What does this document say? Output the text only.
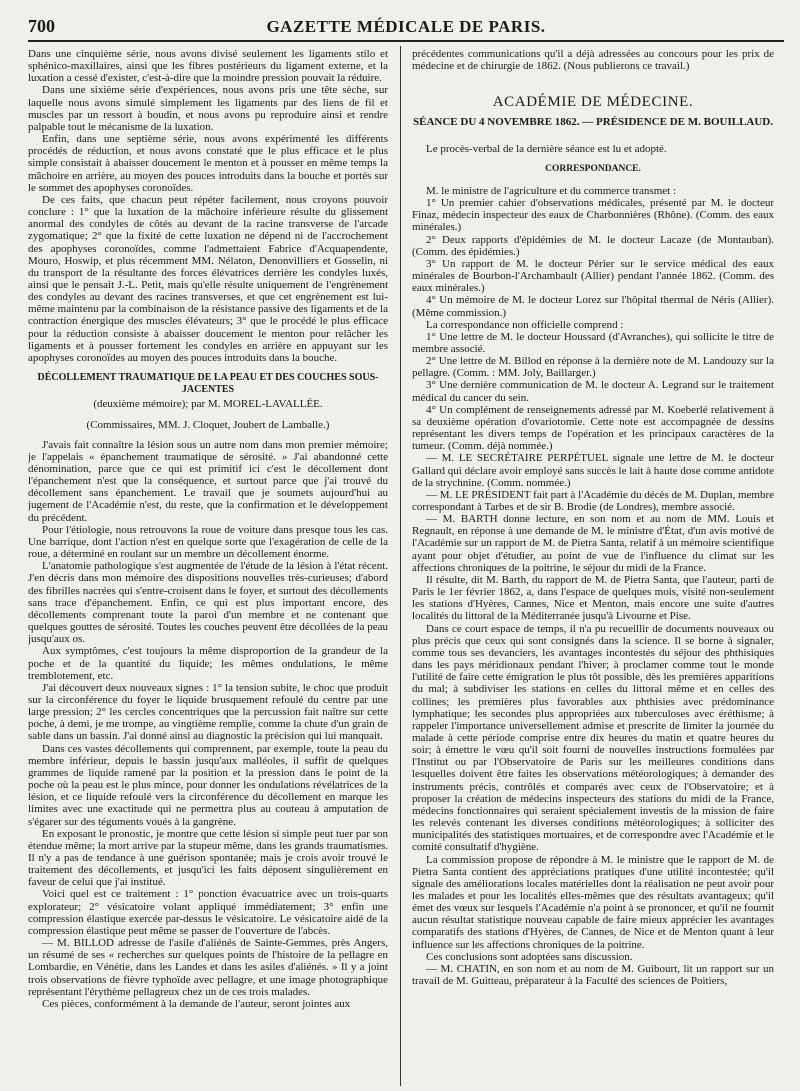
700	GAZETTE MÉDICALE DE PARIS.

Dans une cinquième série, nous avons divisé seulement les ligaments stilo et sphénico-maxillaires, ainsi que les fibres postérieurs du ligament externe, et la luxation a cessé d'exister, c'est-à-dire que la moindre pression pouvait la réduire.

Dans une sixième série d'expériences, nous avons pris une tête sèche, sur laquelle nous avons simulé simplement les ligaments par des liens de fil et muscles par un ressort à boudin, et nous avons pu reproduire ainsi et rendre palpable tout le mécanisme de la luxation.

Enfin, dans une septième série, nous avons expérimenté les différents procédés de réduction, et nous avons constaté que le plus efficace et le plus simple consistait à abaisser doucement le menton et à pousser en même temps la mâchoire en arrière, au moyen des pouces introduits dans la bouche et portés sur le sommet des apophyses coronoïdes.

De ces faits, que chacun peut répéter facilement, nous croyons pouvoir conclure : 1° que la luxation de la mâchoire inférieure résulte du glissement anormal des condyles de côtés au devant de la racine transverse de l'arcade zygomatique; 2° que la fixité de cette luxation ne dépend ni de l'accrochement des apophyses coronoïdes, comme l'admettaient Fabrice d'Acquapendente, Mouro, Hoswip, et plus récemment MM. Nélaton, Denonvilliers et Gosselin, ni du transport de la résultante des forces élévatrices derrière les condyles luxés, ainsi que le pensait J.-L. Petit, mais qu'elle résulte uniquement de l'engrènement des condyles au devant des racines transverses, et que cet engrènement est lui-même maintenu par la combinaison de la résistance passive des ligaments et de la contraction énergique des muscles élévateurs; 3° que le procédé le plus efficace pour la réduction consiste à abaisser doucement le menton pour relâcher les ligaments et à pousser fortement les condyles en arrière en appuyant sur les apophyses coronoïdes au moyen des pouces introduits dans la bouche.

DÉCOLLEMENT TRAUMATIQUE DE LA PEAU ET DES COUCHES SOUS-JACENTES
(deuxième mémoire); par M. MOREL-LAVALLÉE.
(Commissaires, MM. J. Cloquet, Joubert de Lamballe.)

J'avais fait connaître la lésion sous un autre nom dans mon premier mémoire; je l'appelais « épanchement traumatique de sérosité. » J'ai abandonné cette dénomination, parce que ce qui est primitif ici c'est le décollement dont l'épanchement n'est que la conséquence, et surtout parce que j'ai trouvé du décollement sans épanchement. Le travail que je soumets aujourd'hui au jugement de l'Académie n'est, du reste, que la confirmation et le développement du précédent.

Pour l'étiologie, nous retrouvons la roue de voiture dans presque tous les cas. Une barrique, dont l'action n'est en quelque sorte que l'exagération de celle de la roue, a déterminé en roulant sur un membre un décollement énorme.

L'anatomie pathologique s'est augmentée de l'étude de la lésion à l'état récent. J'en décris dans mon mémoire des dispositions nouvelles très-curieuses; d'abord des fibrilles nacrées qui s'entre-croisent dans le foyer, et surtout des décollements sans trace d'épanchement. Enfin, ce qui est plus important encore, des décollements comprenant toute la paroi d'un membre et ne contenant que quelques gouttes de sérosité. Toutes les couches peuvent être décollées de la peau jusqu'aux os.

Aux symptômes, c'est toujours la même disproportion de la grandeur de la poche et de la quantité du liquide; les mêmes ondulations, le même tremblotement, etc.

J'ai découvert deux nouveaux signes : 1° la tension subite, le choc que produit sur la circonférence du foyer le liquide brusquement refoulé du centre par une large pression; 2° les cercles concentriques que la percussion fait naître sur cette poche, à demi, je me trompe, au vingtième remplie, comme la chute d'un grain de sable dans un bassin. J'ai donné ainsi au diagnostic la précision qui lui manquait.

Dans ces vastes décollements qui comprennent, par exemple, toute la peau du membre inférieur, depuis le bassin jusqu'aux malléoles, il suffit de quelques grammes de liquide ramené par la position et la pression dans le point de la poche où la peau est le plus mince, pour donner les ondulations révélatrices de la lésion, et ce liquide refoulé vers la circonférence du décollement en marque les limites avec une exactitude qui ne permettra plus au couteau à amputation de s'égarer sur des téguments voués à la gangrène.

En exposant le pronostic, je montre que cette lésion si simple peut tuer par son étendue même; la mort arrive par la stupeur même, dans les grands traumatismes. Il n'y a pas de tendance à une guérison spontanée; mais je crois avoir trouvé le traitement des décollements, et jusqu'ici les faits déposent singulièrement en faveur de celui que j'ai institué.

Voici quel est ce traitement : 1° ponction évacuatrice avec un trois-quarts explorateur; 2° vésicatoire volant appliqué immédiatement; 3° enfin une compression élastique exercée par-dessus le vésicatoire. Le vésicatoire aidé de la compression élastique peut même se passer de l'ouverture de l'abcès.

— M. BILLOD adresse de l'asile d'aliénés de Sainte-Gemmes, près Angers, un résumé de ses « recherches sur quelques points de l'histoire de la pellagre en Lombardie, en Vénétie, dans les Landes et dans les asiles d'aliénés. » Il y a joint trois observations de fièvre typhoïde avec pellagre, et une image photographique représentant l'érythème pellagreux chez un de ces trois malades.

Ces pièces, conformément à la demande de l'auteur, seront jointes aux

précédentes communications qu'il a déjà adressées au concours pour les prix de médecine et de chirurgie de 1862. (Nous publierons ce travail.)

ACADÉMIE DE MÉDECINE.
SÉANCE DU 4 NOVEMBRE 1862. — PRÉSIDENCE DE M. BOUILLAUD.

Le procès-verbal de la dernière séance est lu et adopté.

CORRESPONDANCE.

M. le ministre de l'agriculture et du commerce transmet :

1° Un premier cahier d'observations médicales, présenté par M. le docteur Finaz, médecin inspecteur des eaux de Charbonnières (Rhône). (Comm. des eaux minérales.)

2° Deux rapports d'épidémies de M. le docteur Lacaze (de Montauban). (Comm. des épidémies.)

3° Un rapport de M. le docteur Périer sur le service médical des eaux minérales de Bourbon-l'Archambault (Allier) pendant l'année 1862. (Comm. des eaux minérales.)

4° Un mémoire de M. le docteur Lorez sur l'hôpital thermal de Néris (Allier). (Même commission.)

La correspondance non officielle comprend :

1° Une lettre de M. le docteur Houssard (d'Avranches), qui sollicite le titre de membre associé.

2° Une lettre de M. Billod en réponse à la dernière note de M. Landouzy sur la pellagre. (Comm. : MM. Joly, Baillarger.)

3° Une dernière communication de M. le docteur A. Legrand sur le traitement médical du cancer du sein.

4° Un complément de renseignements adressé par M. Koeberlé relativement à sa deuxième opération d'ovariotomie. Cette note est accompagnée de dessins représentant les divers temps de l'opération et les principaux caractères de la tumeur. (Comm. déjà nommée.)

— M. LE SECRÉTAIRE PERPÉTUEL signale une lettre de M. le docteur Gallard qui déclare avoir employé sans succès le lait à haute dose comme antidote de la strychnine. (Comm. nommée.)

— M. LE PRÉSIDENT fait part à l'Académie du décès de M. Duplan, membre correspondant à Tarbes et de sir B. Brodie (de Londres), membre associé.

— M. BARTH donne lecture, en son nom et au nom de MM. Louis et Regnault, en réponse à une demande de M. le ministre d'État, d'un avis motivé de l'Académie sur un rapport de M. de Pietra Santa, relatif à un mémoire scientifique ayant pour objet d'étudier, au point de vue de l'influence du climat sur les affections chroniques de la poitrine, le séjour du midi de la France.

Il résulte, dit M. Barth, du rapport de M. de Pietra Santa, que l'auteur, parti de Paris le 1er février 1862, a, dans l'espace de quelques mois, visité non-seulement les stations d'Hyères, Cannes, Nice et Menton, mais encore une suite d'autres localités du littoral de la Méditerranée jusqu'à Livourne et Pise.

Dans ce court espace de temps, il n'a pu recueillir de documents nouveaux ou plus précis que ceux qui sont consignés dans la science. Il se borne à signaler, comme tous ses devanciers, les avantages incontestés du séjour des phthisiques dans les pays méridionaux pendant l'hiver; à proclamer comme tout le monde l'utilité de faire cette émigration le plus tôt possible, dès les premières apparitions du mal; à subdiviser les stations en celles du littoral même et en celles des collines; les premières plus favorables aux phthisies avec prédominance lymphatique; les secondes plus appropriées aux tuberculoses avec éréthisme; à rappeler l'importance universellement admise et prescrite de limiter la journée du malade à cette période comprise entre dix heures du matin et quatre heures du soir; à émettre le vœu qu'il soit fourni de nouvelles instructions formulées par l'Institut ou par l'Observatoire de Paris sur les meilleures conditions dans lesquelles doivent être faites les observations météorologiques; à demander des instruments précis, contrôlés et comparés avec ceux de l'Observatoire; et à proposer la création de médecins inspecteurs des stations du midi de la France, médecins fonctionnaires qui seraient spécialement investis de la mission de faire les relevés contenant les diverses conditions météorologiques; à solliciter des municipalités des statistiques mortuaires, et de correspondre avec l'Académie et le comité consultatif d'hygiène.

La commission propose de répondre à M. le ministre que le rapport de M. de Pietra Santa contient des appréciations pratiques d'une utilité incontestée; qu'il signale des améliorations locales matérielles dont la réalisation ne peut avoir pour les malades et pour les localités elles-mêmes que des résultats avantageux; qu'il émet des vœux sur lesquels l'Académie n'a point à se prononcer, et qu'il ne fournit aucun résultat statistique nouveau capable de faire mieux apprécier les avantages comparatifs des stations d'Hyères, de Cannes, de Nice et de Menton quant à leur influence sur les affections chroniques de la poitrine.

Ces conclusions sont adoptées sans discussion.

— M. CHATIN, en son nom et au nom de M. Guibourt, lit un rapport sur un travail de M. Guitteau, préparateur à la Faculté des sciences de Poitiers,
